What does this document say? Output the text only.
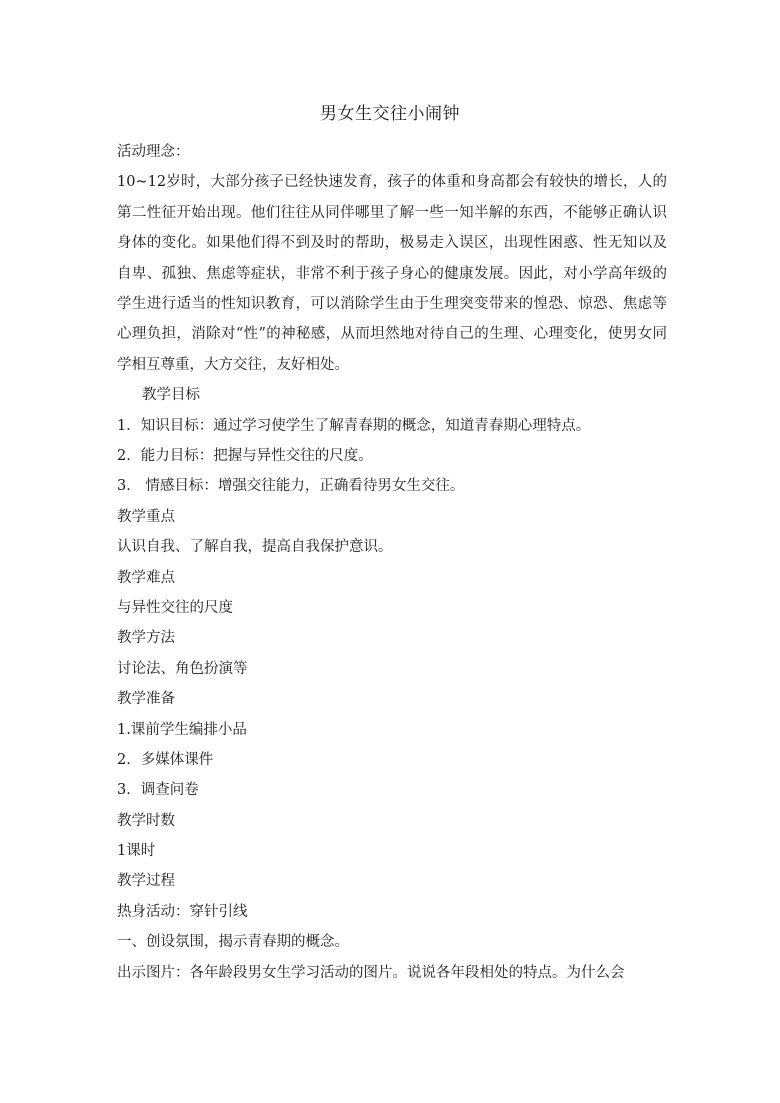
男女生交往小闹钟
活动理念：
10~12岁时，大部分孩子已经快速发育，孩子的体重和身高都会有较快的增长，人的第二性征开始出现。他们往往从同伴哪里了解一些一知半解的东西，不能够正确认识身体的变化。如果他们得不到及时的帮助，极易走入误区，出现性困惑、性无知以及自卑、孤独、焦虑等症状，非常不利于孩子身心的健康发展。因此，对小学高年级的学生进行适当的性知识教育，可以消除学生由于生理突变带来的惶恐、惊恐、焦虑等心理负担，消除对“性”的神秘感，从而坦然地对待自己的生理、心理变化，使男女同学相互尊重，大方交往，友好相处。
教学目标
1．知识目标：通过学习使学生了解青春期的概念，知道青春期心理特点。
2．能力目标：把握与异性交往的尺度。
3． 情感目标：增强交往能力，正确看待男女生交往。
教学重点
认识自我、了解自我，提高自我保护意识。
教学难点
与异性交往的尺度
教学方法
讨论法、角色扮演等
教学准备
1.课前学生编排小品
2．多媒体课件
3．调查问卷
教学时数
1课时
教学过程
热身活动：穿针引线
一、创设氛围，揭示青春期的概念。
出示图片：各年龄段男女生学习活动的图片。说说各年段相处的特点。为什么会
